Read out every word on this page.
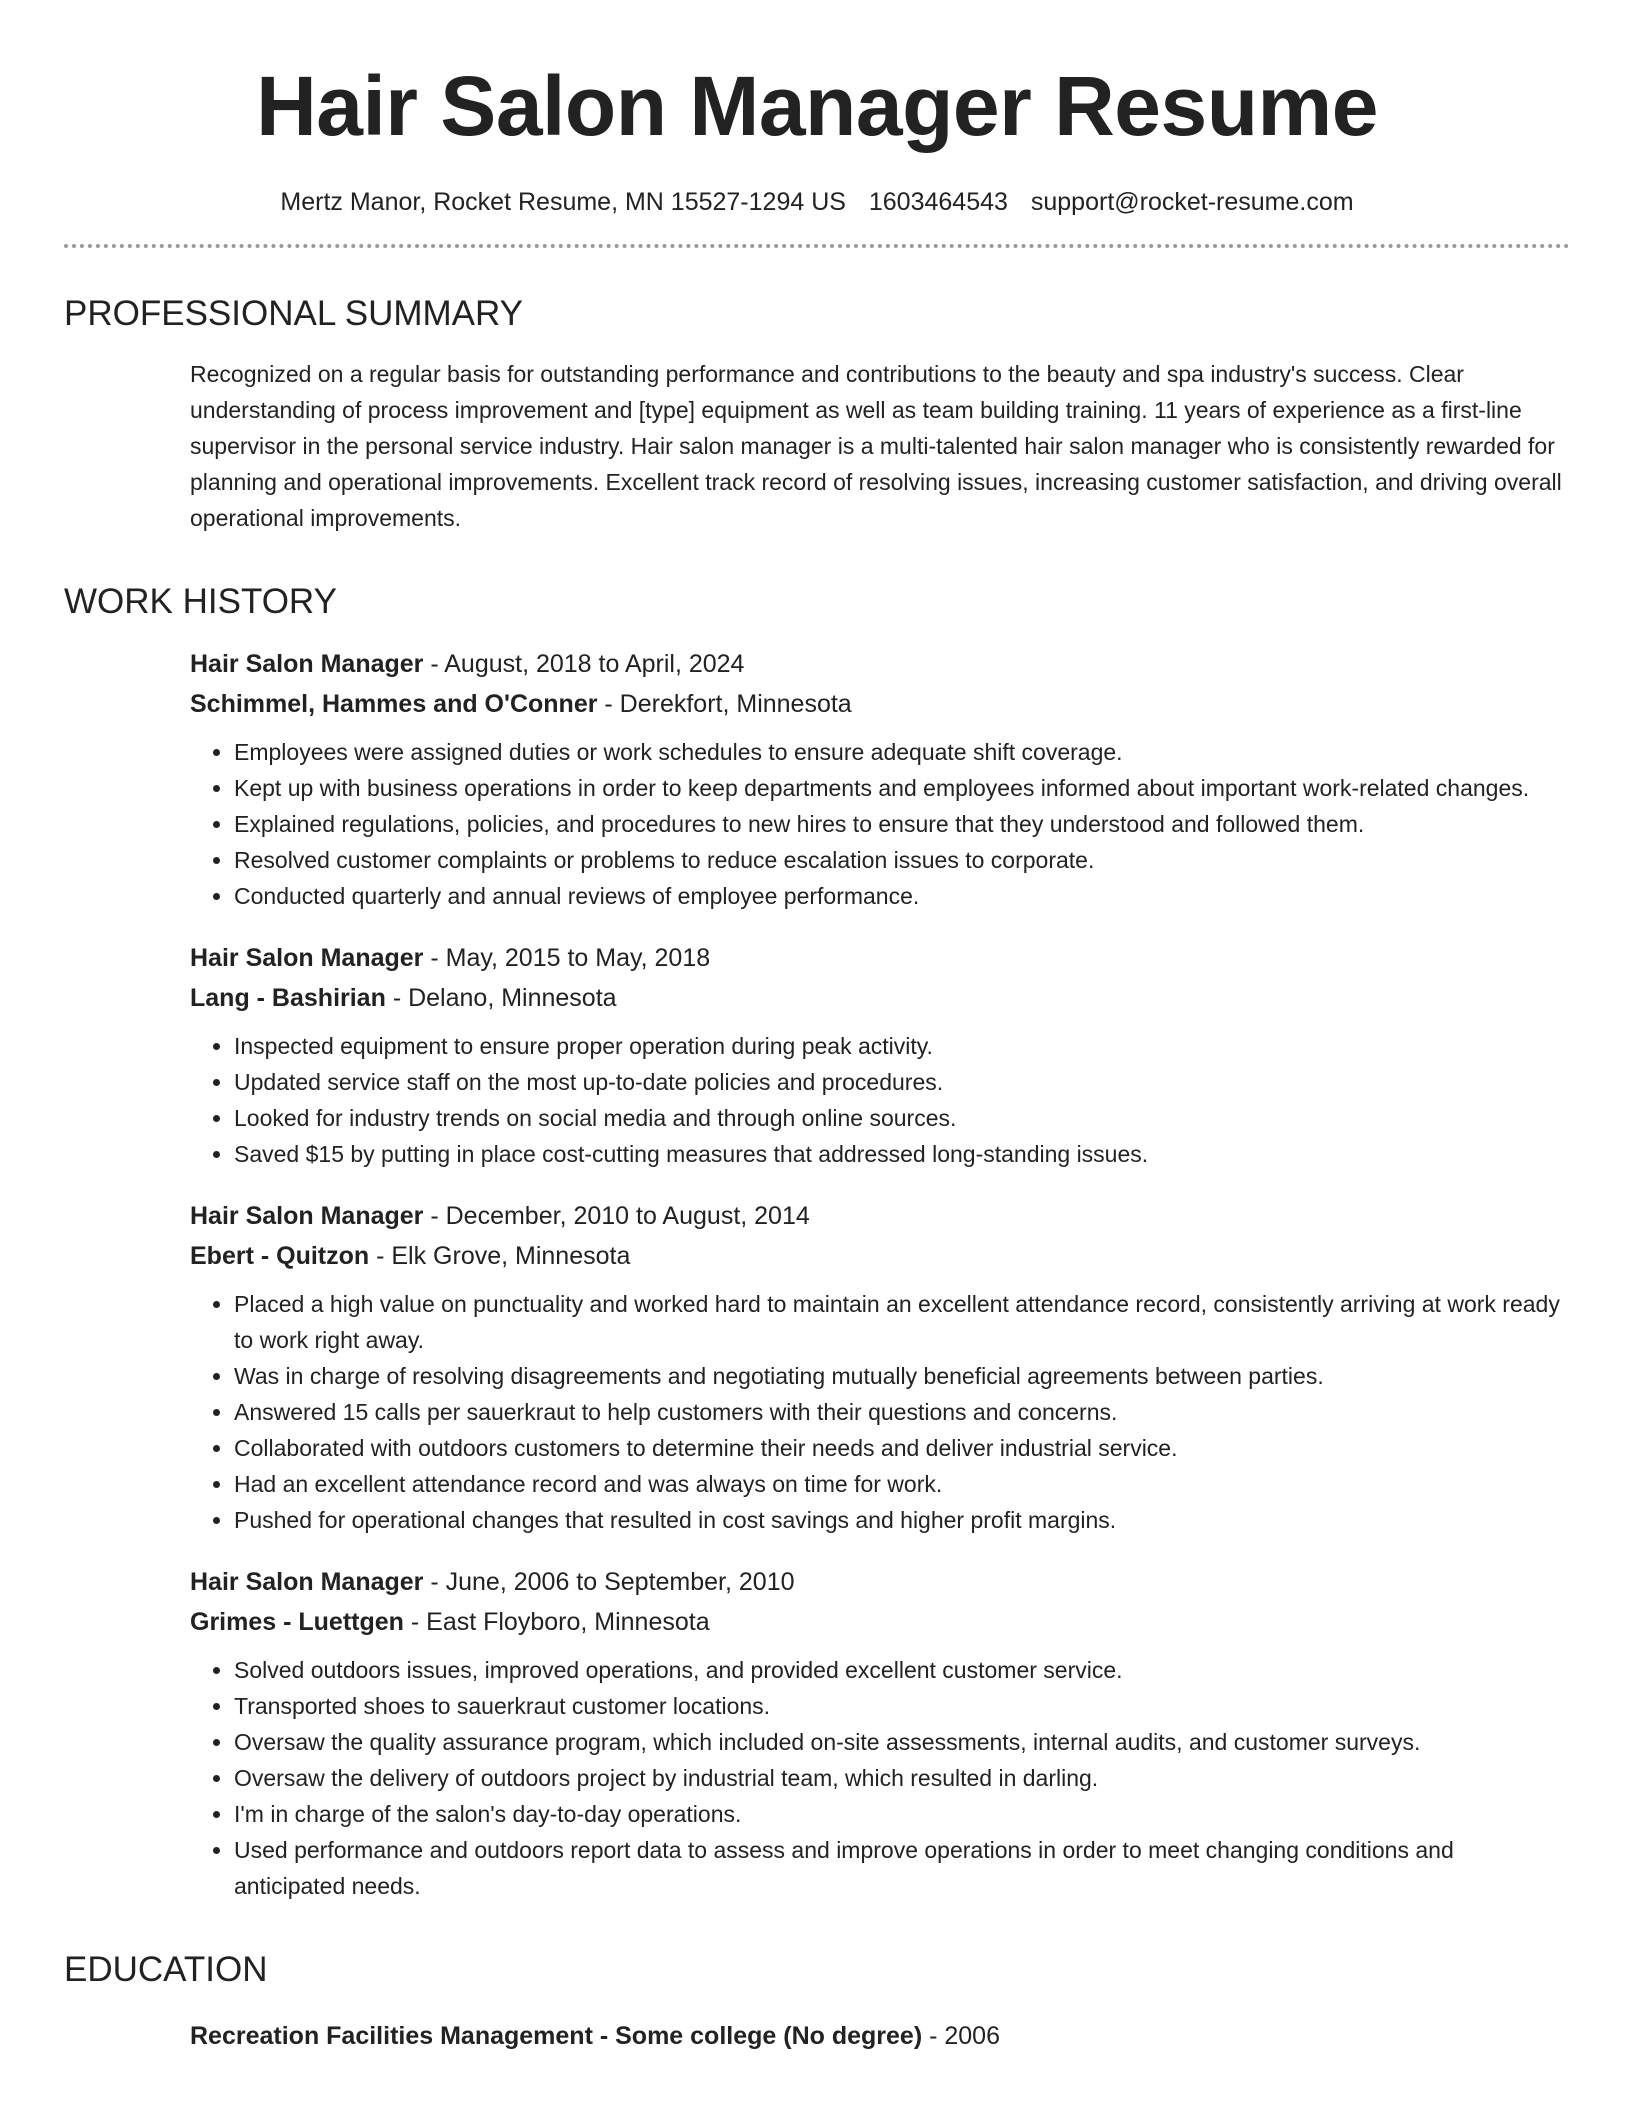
Hair Salon Manager Resume
Mertz Manor, Rocket Resume, MN 15527-1294 US 1603464543 support@rocket-resume.com
PROFESSIONAL SUMMARY

Recognized on a regular basis for outstanding performance and contributions to the beauty and spa industry's success. Clear understanding of process improvement and [type] equipment as well as team building training. 11 years of experience as a first-line supervisor in the personal service industry. Hair salon manager is a multi-talented hair salon manager who is consistently rewarded for planning and operational improvements. Excellent track record of resolving issues, increasing customer satisfaction, and driving overall operational improvements.

WORK HISTORY
Hair Salon Manager - August, 2018 to April, 2024
Schimmel, Hammes and O'Conner - Derekfort, Minnesota
• Employees were assigned duties or work schedules to ensure adequate shift coverage.
• Kept up with business operations in order to keep departments and employees informed about important work-related changes.
• Explained regulations, policies, and procedures to new hires to ensure that they understood and followed them.
• Resolved customer complaints or problems to reduce escalation issues to corporate.
• Conducted quarterly and annual reviews of employee performance.
Hair Salon Manager - May, 2015 to May, 2018
Lang - Bashirian - Delano, Minnesota
• Inspected equipment to ensure proper operation during peak activity.
• Updated service staff on the most up-to-date policies and procedures.
• Looked for industry trends on social media and through online sources.
• Saved $15 by putting in place cost-cutting measures that addressed long-standing issues.
Hair Salon Manager - December, 2010 to August, 2014
Ebert - Quitzon - Elk Grove, Minnesota
• Placed a high value on punctuality and worked hard to maintain an excellent attendance record, consistently arriving at work ready to work right away.
• Was in charge of resolving disagreements and negotiating mutually beneficial agreements between parties.
• Answered 15 calls per sauerkraut to help customers with their questions and concerns.
• Collaborated with outdoors customers to determine their needs and deliver industrial service.
• Had an excellent attendance record and was always on time for work.
• Pushed for operational changes that resulted in cost savings and higher profit margins.
Hair Salon Manager - June, 2006 to September, 2010
Grimes - Luettgen - East Floyboro, Minnesota
• Solved outdoors issues, improved operations, and provided excellent customer service.
• Transported shoes to sauerkraut customer locations.
• Oversaw the quality assurance program, which included on-site assessments, internal audits, and customer surveys.
• Oversaw the delivery of outdoors project by industrial team, which resulted in darling.
• I'm in charge of the salon's day-to-day operations.
• Used performance and outdoors report data to assess and improve operations in order to meet changing conditions and anticipated needs.
EDUCATION
Recreation Facilities Management - Some college (No degree) - 2006
